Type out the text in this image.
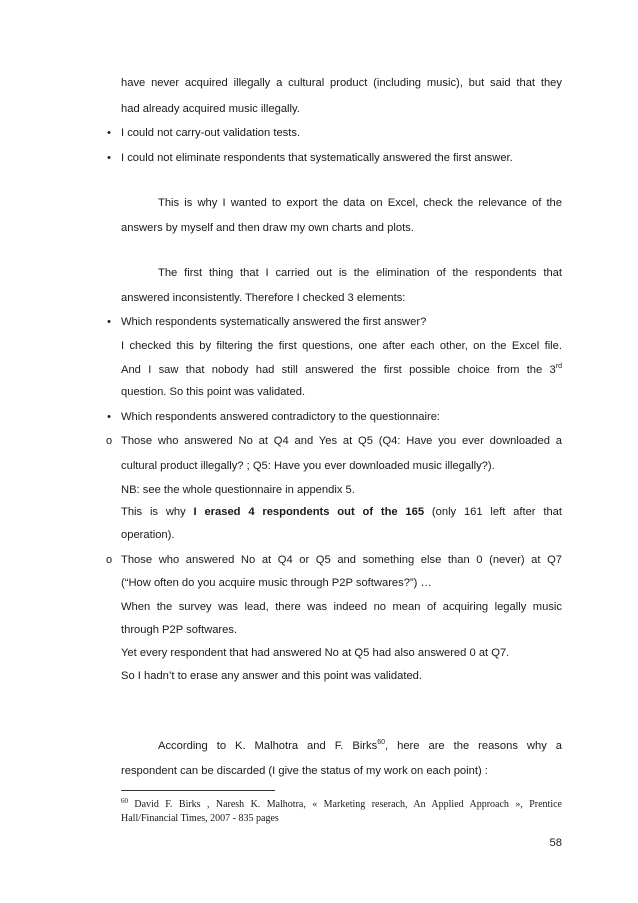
have never acquired illegally a cultural product (including music), but said that they
had already acquired music illegally.
• I could not carry-out validation tests.
• I could not eliminate respondents that systematically answered the first answer.
This is why I wanted to export the data on Excel, check the relevance of the
answers by myself and then draw my own charts and plots.
The first thing that I carried out is the elimination of the respondents that
answered inconsistently. Therefore I checked 3 elements:
• Which respondents systematically answered the first answer?
I checked this by filtering the first questions, one after each other, on the Excel file.
And I saw that nobody had still answered the first possible choice from the 3rd
question. So this point was validated.
• Which respondents answered contradictory to the questionnaire:
o Those who answered No at Q4 and Yes at Q5 (Q4: Have you ever downloaded a
cultural product illegally? ; Q5: Have you ever downloaded music illegally?).
NB: see the whole questionnaire in appendix 5.
This is why I erased 4 respondents out of the 165 (only 161 left after that
operation).
o Those who answered No at Q4 or Q5 and something else than 0 (never) at Q7
(“How often do you acquire music through P2P softwares?”) …
When the survey was lead, there was indeed no mean of acquiring legally music
through P2P softwares.
Yet every respondent that had answered No at Q5 had also answered 0 at Q7.
So I hadn’t to erase any answer and this point was validated.
According to K. Malhotra and F. Birks$^{60}$, here are the reasons why a
respondent can be discarded (I give the status of my work on each point) :
$^{60}$ David F. Birks , Naresh K. Malhotra, « Marketing reserach, An Applied Approach », Prentice
Hall/Financial Times, 2007 - 835 pages
58
